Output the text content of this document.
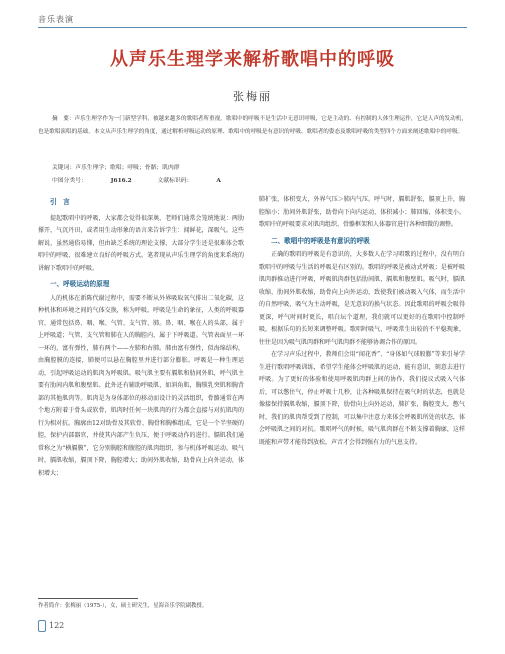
音乐表演
从声乐生理学来解析歌唱中的呼吸
张梅丽
摘　要：声乐生理学作为一门新型学科，被越来越多的歌唱者所重视。歌唱中的呼吸不是生活中无意识呼吸，它是主动的、有控制的人体生理运作，它是人声的发动机，也是歌唱演唱的基础。本文从声乐生理学的角度，通过解析呼吸运动的原理、歌唱中的呼吸是有意识的呼吸、歌唱者的姿态及歌唱呼吸的类型四个方面来阐述歌唱中的呼吸。
关键词：声乐生理学；歌唱；呼吸；骨骼；肌肉群
中图分类号：	J616.2	文献标识码：	A
引　言

提起歌唱中的呼吸，大家都会觉得很深奥，老师们通常会笼统地说：两肋撑开，气沉丹田，或者用生动形象的语言来告诉学生：闻鲜花，深吸气。这些解说，虽然通俗易懂，但由缺乏系统的理论支撑，大部分学生还是很难体会歌唱中的呼吸，很难建立良好的呼吸方式。笔者现从声乐生理学的角度来系统的讲解下歌唱中的呼吸。

一、呼吸运动的原理

人的机体在新陈代谢过程中，需要不断从外界吸取氧气排出二氧化碳，这种机体和环境之间的气体交换，称为呼吸。呼吸是生命的象征，人类的呼吸器官，通常包括鼻、咽、喉、气管、支气管、肺。鼻、咽、喉在人的头部，属于上呼吸道；气管、支气管和肺在人的胸腔内，属于下呼吸道。气管表面呈一环一环的，富有弹性，肺有两个——左肺和右肺。肺由富有弹性，似海绵结构，由胸腔膜的连接，肺便可以悬在胸腔里并进行部分膨胀。呼吸是一种生理运动，引起呼吸运动的肌肉为呼吸肌。吸气肌主要有膈肌和肋间外肌，呼气肌主要有肋间内肌和腹壁肌。此外还有辅助呼吸肌，如斜角肌，胸锁乳突肌和胸背部的其他肌肉等。肌肉是为身体部位的移动而设计的灵活组织，骨骼通常在两个地方附着于骨头或软骨，肌肉时任何一块肌肉的行为都会直接与对抗肌肉的行为相对抗。胸廓由12对助骨及其软骨、胸骨和胸椎组成，它是一个半坚硬的腔，保护内部器官，并使其内部产生负压，便于呼吸动作的进行。膈肌我们通常称之为“横膈膜”，它分别胸腔和腹腔的肌肉组织，参与机体呼吸运动。吸气时，膈肌收缩，膈顶下降，胸腔增大；助间外肌收缩，助骨向上向外运动，体积增大；

肺扩张，体积变大，外界气压＞肺内气压。呼气时，膈肌舒张，膈顶上升，胸腔缩小；肋间外肌舒张，助骨向下向内运动，体积减小；肺回缩，体积变小。歌唱中的呼吸要求对肌肉组织、骨骼框架和人体器官进行各种细微的调整。

二、歌唱中的呼吸是有意识的呼吸

正确的歌唱的呼吸是有意识的，大多数人在学习唱歌的过程中，没有明白歌唱中的呼吸与生活的呼吸是有区别的。歌唱的呼吸是被动式呼吸；是被呼吸肌肉群推动进行呼吸，呼吸肌肉群包括肋间肌，膈肌和腹壁肌。吸气时，膈肌收缩，肋间外肌收缩，助骨向上向外运动，致使我们被动吸入气体，而生活中的自然呼吸，吸气为主动呼吸，是无意识的换气状态。因此歌唱的呼吸会吸得更深，呼气时间时更长，唱白坛个道理，我们就可以更好的在歌唱中控制呼吸，根据乐句的长短来调整呼吸。歌唱时吸气，呼吸常生出较的不平稳现象，往往是因为吸气肌肉群和呼气肌肉群不能够协调合作的原因。

在学习声乐过程中，教师们会用“闻花香”、“身体如气球般膨”等来引导学生进行歌唱呼吸训练，希望学生能体会呼吸肌的运动，能有意识，刻意去进行呼吸。为了更好的体验和使用呼吸肌肉群上间的协作，我们提议式吸入气体后，可以憋住气，停止呼吸十几秒，让各种吸肌保持在吸气时的状态，也就是像接保持膈肌收缩，膈顶下降，肋骨向上向外运动，肺扩张，胸腔变大，憋气时，我们的肌肉帮受到了控制，可以集中注意力来体会呼吸肌所处的状态，体会呼吸肌之间的对抗。歌唱呼气的时候，吸气肌肉群在不断支撑着胸廓，这样既能和声带才能得到放松，声音才会得到强有力的气息支持。

作者简介：张梅丽（1975-），女，硕士研究生，星海音乐学院副教授。
122
